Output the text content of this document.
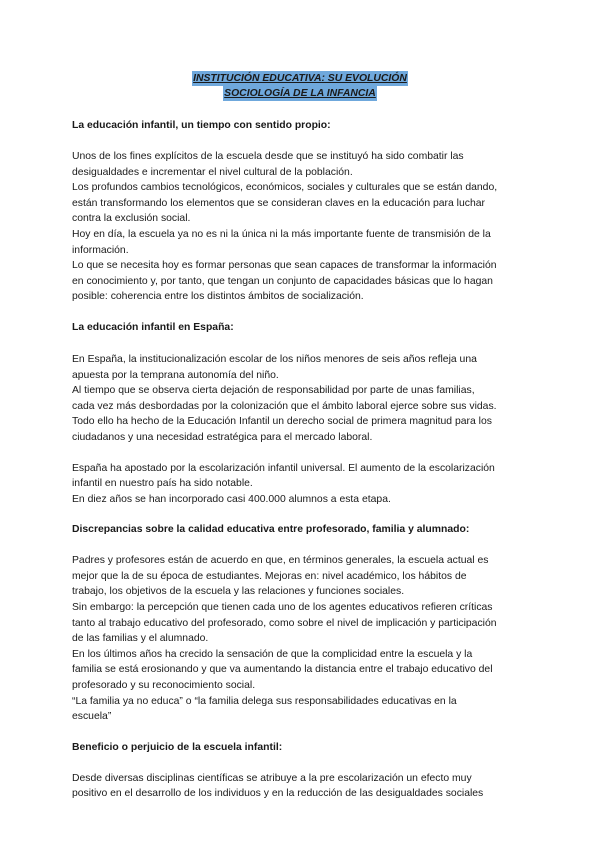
INSTITUCIÓN EDUCATIVA: SU EVOLUCIÓN
SOCIOLOGÍA DE LA INFANCIA

La educación infantil, un tiempo con sentido propio:

Unos de los fines explícitos de la escuela desde que se instituyó ha sido combatir las
desigualdades e incrementar el nivel cultural de la población.
Los profundos cambios tecnológicos, económicos, sociales y culturales que se están dando,
están transformando los elementos que se consideran claves en la educación para luchar
contra la exclusión social.
Hoy en día, la escuela ya no es ni la única ni la más importante fuente de transmisión de la
información.
Lo que se necesita hoy es formar personas que sean capaces de transformar la información
en conocimiento y, por tanto, que tengan un conjunto de capacidades básicas que lo hagan
posible: coherencia entre los distintos ámbitos de socialización.

La educación infantil en España:

En España, la institucionalización escolar de los niños menores de seis años refleja una
apuesta por la temprana autonomía del niño.
Al tiempo que se observa cierta dejación de responsabilidad por parte de unas familias,
cada vez más desbordadas por la colonización que el ámbito laboral ejerce sobre sus vidas.
Todo ello ha hecho de la Educación Infantil un derecho social de primera magnitud para los
ciudadanos y una necesidad estratégica para el mercado laboral.

España ha apostado por la escolarización infantil universal. El aumento de la escolarización
infantil en nuestro país ha sido notable.
En diez años se han incorporado casi 400.000 alumnos a esta etapa.

Discrepancias sobre la calidad educativa entre profesorado, familia y alumnado:

Padres y profesores están de acuerdo en que, en términos generales, la escuela actual es
mejor que la de su época de estudiantes. Mejoras en: nivel académico, los hábitos de
trabajo, los objetivos de la escuela y las relaciones y funciones sociales.
Sin embargo: la percepción que tienen cada uno de los agentes educativos refieren críticas
tanto al trabajo educativo del profesorado, como sobre el nivel de implicación y participación
de las familias y el alumnado.
En los últimos años ha crecido la sensación de que la complicidad entre la escuela y la
familia se está erosionando y que va aumentando la distancia entre el trabajo educativo del
profesorado y su reconocimiento social.
“La familia ya no educa” o “la familia delega sus responsabilidades educativas en la
escuela”

Beneficio o perjuicio de la escuela infantil:

Desde diversas disciplinas científicas se atribuye a la pre escolarización un efecto muy
positivo en el desarrollo de los individuos y en la reducción de las desigualdades sociales
